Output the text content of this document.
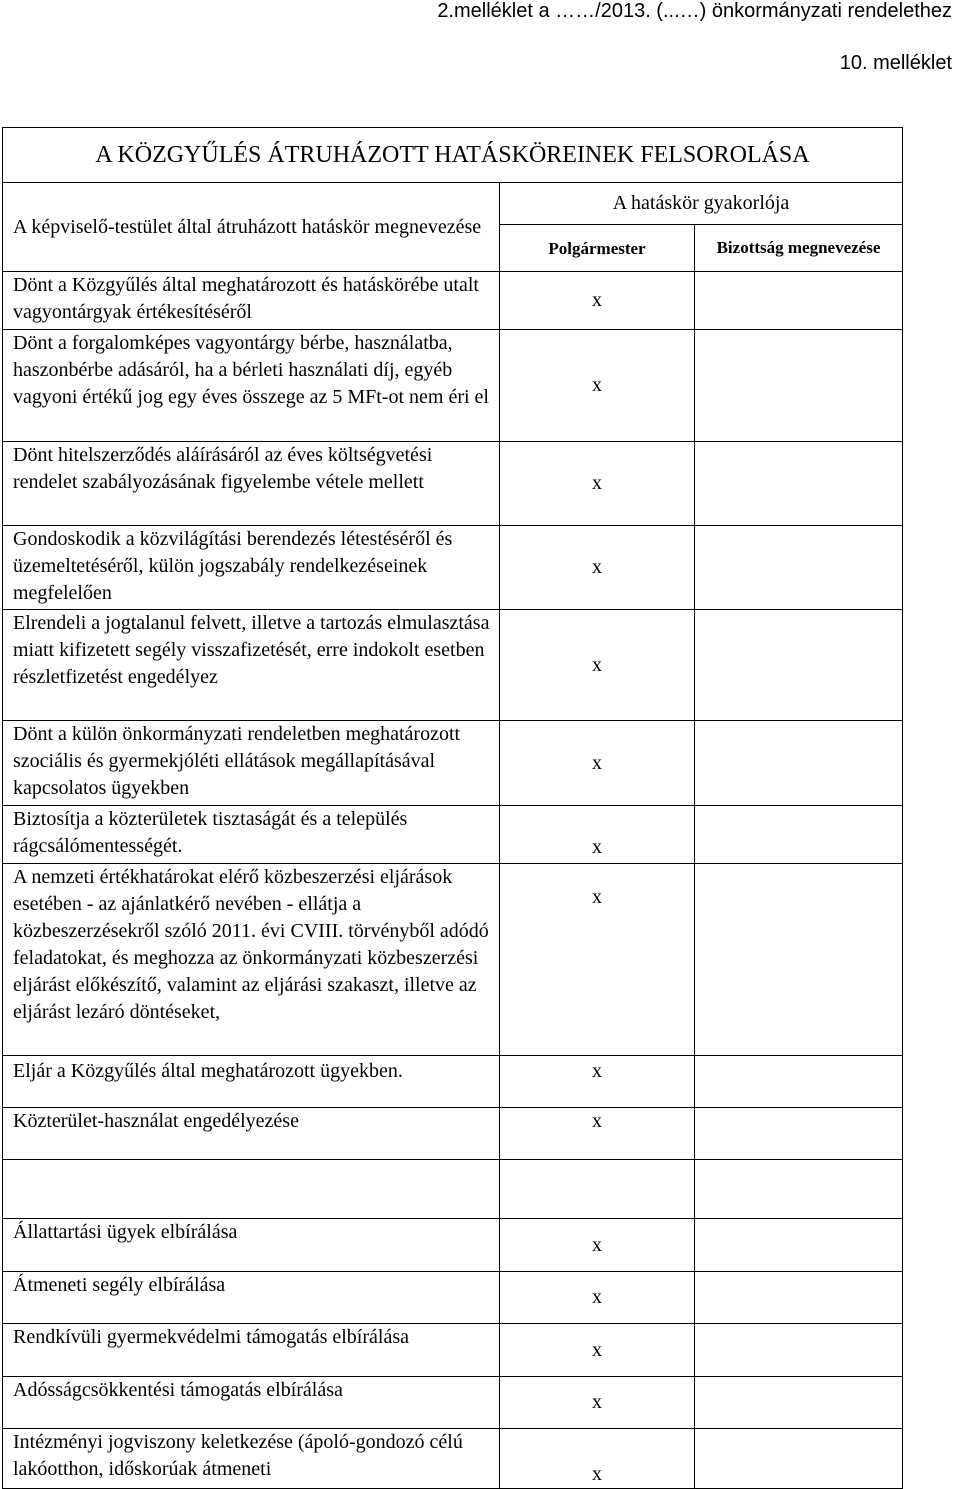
2.melléklet a ……/2013. (...…) önkormányzati rendelethez
10. melléklet
A KÖZGYŰLÉS ÁTRUHÁZOTT HATÁSKÖREINEK FELSOROLÁSA		
A képviselő-testület által átruházott hatáskör megnevezése	A hatáskör gyakorlója	
	Polgármester	Bizottság megnevezése
Dönt a Közgyűlés által meghatározott és hatáskörébe utalt vagyontárgyak értékesítéséről	x	
Dönt a forgalomképes vagyontárgy bérbe, használatba, haszonbérbe adásáról, ha a bérleti használati díj, egyéb vagyoni értékű jog egy éves összege az 5 MFt-ot nem éri el	x	
Dönt hitelszerződés aláírásáról az éves költségvetési rendelet szabályozásának figyelembe vétele mellett	x	
Gondoskodik a közvilágítási berendezés létestéséről és üzemeltetéséről, külön jogszabály rendelkezéseinek megfelelően	x	
Elrendeli a jogtalanul felvett, illetve a tartozás elmulasztása miatt kifizetett segély visszafizetését, erre indokolt esetben részletfizetést engedélyez	x	
Dönt a külön önkormányzati rendeletben meghatározott szociális és gyermekjóléti ellátások megállapításával kapcsolatos ügyekben	x	
Biztosítja a közterületek tisztaságát és a település rágcsálómentességét.	x	
A nemzeti értékhatárokat elérő közbeszerzési eljárások esetében - az ajánlatkérő nevében - ellátja a közbeszerzésekről szóló 2011. évi CVIII. törvényből adódó feladatokat, és meghozza az önkormányzati közbeszerzési eljárást előkészítő, valamint az eljárási szakaszt, illetve az eljárást lezáró döntéseket,	x	
Eljár a Közgyűlés által meghatározott ügyekben.	x	
Közterület-használat engedélyezése	x	

Állattartási ügyek elbírálása	x	
Átmeneti segély elbírálása	x	
Rendkívüli gyermekvédelmi támogatás elbírálása	x	
Adósságcsökkentési támogatás elbírálása	x	
Intézményi jogviszony keletkezése (ápoló-gondozó célú lakóotthon, időskorúak átmeneti	x	
